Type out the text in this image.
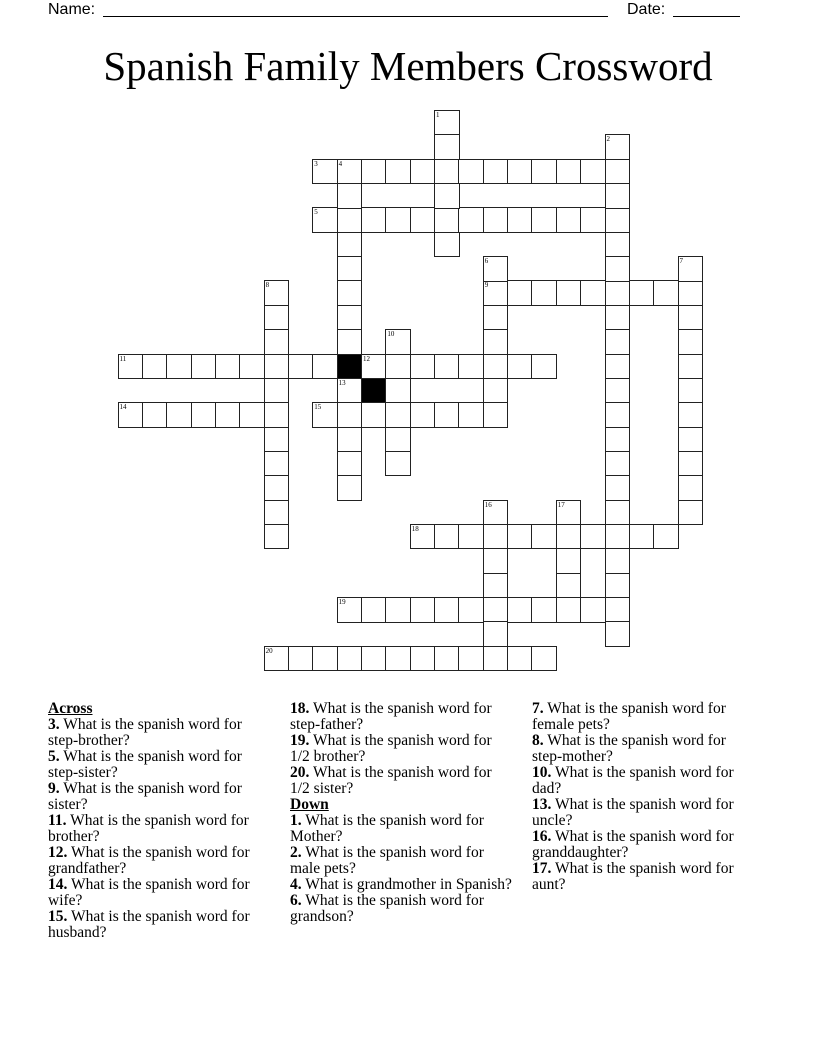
Name:	Date:
Spanish Family Members Crossword
3	4
5
9
11	12
14	15
18
19
20
1
2
6	7
8
10
13
16	17
Across
3. What is the spanish word for step-brother?
5. What is the spanish word for step-sister?
9. What is the spanish word for sister?
11. What is the spanish word for brother?
12. What is the spanish word for grandfather?
14. What is the spanish word for wife?
15. What is the spanish word for husband?
18. What is the spanish word for step-father?
19. What is the spanish word for 1/2 brother?
20. What is the spanish word for 1/2 sister?
Down
1. What is the spanish word for Mother?
2. What is the spanish word for male pets?
4. What is grandmother in Spanish?
6. What is the spanish word for grandson?
7. What is the spanish word for female pets?
8. What is the spanish word for step-mother?
10. What is the spanish word for dad?
13. What is the spanish word for uncle?
16. What is the spanish word for granddaughter?
17. What is the spanish word for aunt?
